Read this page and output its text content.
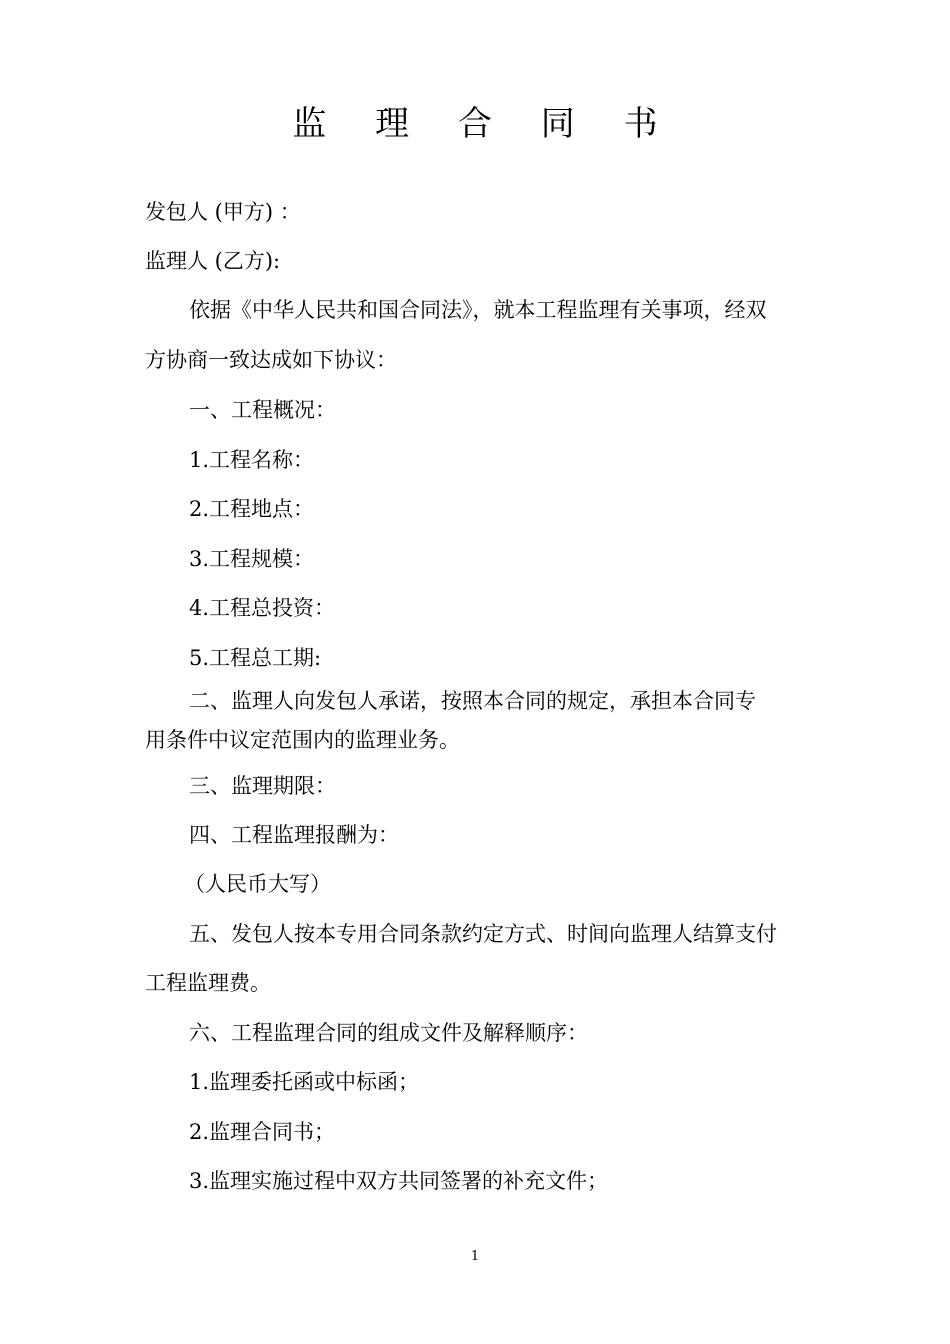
监 理 合 同 书
发包人 (甲方) ：
监理人 (乙方):
依据《中华人民共和国合同法》，就本工程监理有关事项，经双
方协商一致达成如下协议：
一、工程概况：
1.工程名称：
2.工程地点：
3.工程规模：
4.工程总投资：
5.工程总工期:
二、监理人向发包人承诺，按照本合同的规定，承担本合同专
用条件中议定范围内的监理业务。
三、监理期限：
四、工程监理报酬为：
（人民币大写）
五、发包人按本专用合同条款约定方式、时间向监理人结算支付
工程监理费。
六、工程监理合同的组成文件及解释顺序：
1.监理委托函或中标函；
2.监理合同书；
3.监理实施过程中双方共同签署的补充文件；
1
